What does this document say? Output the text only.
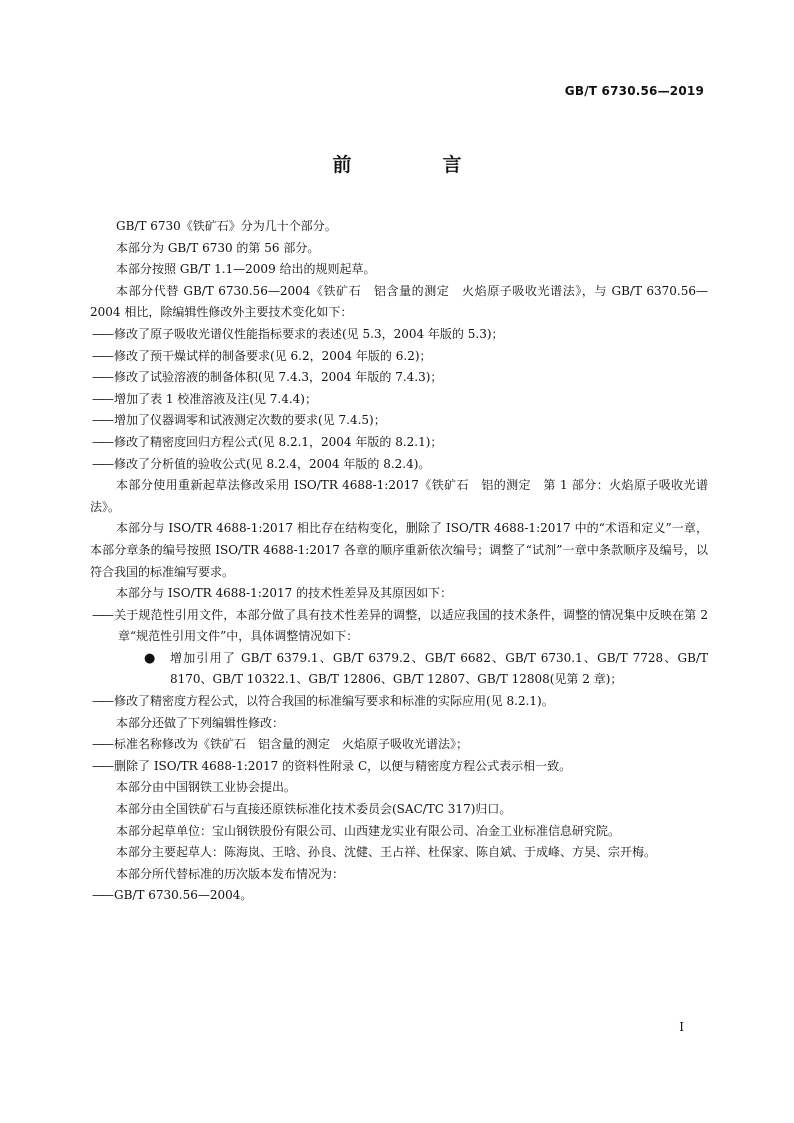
GB/T 6730.56—2019
前　言

GB/T 6730《铁矿石》分为几十个部分。

本部分为 GB/T 6730 的第 56 部分。

本部分按照 GB/T 1.1—2009 给出的规则起草。

本部分代替 GB/T 6730.56—2004《铁矿石　铝含量的测定　火焰原子吸收光谱法》，与 GB/T 6370.56—2004 相比，除编辑性修改外主要技术变化如下：

—— 修改了原子吸收光谱仪性能指标要求的表述(见 5.3，2004 年版的 5.3)；

—— 修改了预干燥试样的制备要求(见 6.2，2004 年版的 6.2)；

—— 修改了试验溶液的制备体积(见 7.4.3，2004 年版的 7.4.3)；

—— 增加了表 1 校准溶液及注(见 7.4.4)；

—— 增加了仪器调零和试液测定次数的要求(见 7.4.5)；

—— 修改了精密度回归方程公式(见 8.2.1，2004 年版的 8.2.1)；

—— 修改了分析值的验收公式(见 8.2.4，2004 年版的 8.2.4)。

本部分使用重新起草法修改采用 ISO/TR 4688-1:2017《铁矿石　铝的测定　第 1 部分：火焰原子吸收光谱法》。

本部分与 ISO/TR 4688-1:2017 相比存在结构变化，删除了 ISO/TR 4688-1:2017 中的“术语和定义”一章，本部分章条的编号按照 ISO/TR 4688-1:2017 各章的顺序重新依次编号；调整了“试剂”一章中条款顺序及编号，以符合我国的标准编写要求。

本部分与 ISO/TR 4688-1:2017 的技术性差异及其原因如下：

—— 关于规范性引用文件，本部分做了具有技术性差异的调整，以适应我国的技术条件，调整的情况集中反映在第 2 章“规范性引用文件”中，具体调整情况如下：

● 增加引用了 GB/T 6379.1、GB/T 6379.2、GB/T 6682、GB/T 6730.1、GB/T 7728、GB/T 8170、GB/T 10322.1、GB/T 12806、GB/T 12807、GB/T 12808(见第 2 章)；

—— 修改了精密度方程公式，以符合我国的标准编写要求和标准的实际应用(见 8.2.1)。

本部分还做了下列编辑性修改：

—— 标准名称修改为《铁矿石　铝含量的测定　火焰原子吸收光谱法》；

—— 删除了 ISO/TR 4688-1:2017 的资料性附录 C，以便与精密度方程公式表示相一致。

本部分由中国钢铁工业协会提出。

本部分由全国铁矿石与直接还原铁标准化技术委员会(SAC/TC 317)归口。

本部分起草单位：宝山钢铁股份有限公司、山西建龙实业有限公司、冶金工业标准信息研究院。

本部分主要起草人：陈海岚、王晗、孙良、沈健、王占祥、杜保家、陈自斌、于成峰、方昊、宗开梅。

本部分所代替标准的历次版本发布情况为：

—— GB/T 6730.56—2004。

I
